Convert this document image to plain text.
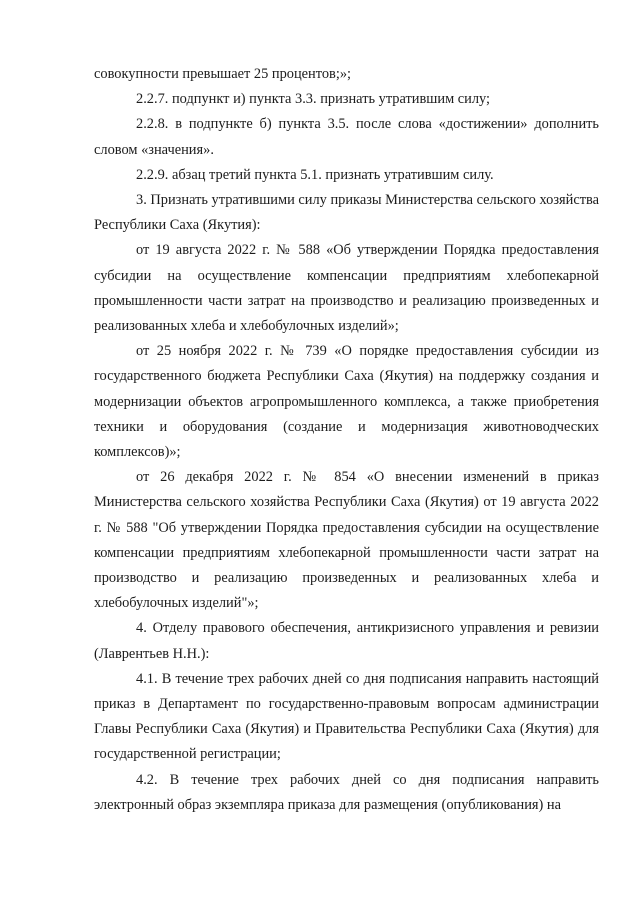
совокупности превышает 25 процентов;»;

2.2.7. подпункт и) пункта 3.3. признать утратившим силу;

2.2.8. в подпункте б) пункта 3.5. после слова «достижении» дополнить словом «значения».

2.2.9. абзац третий пункта 5.1. признать утратившим силу.

3. Признать утратившими силу приказы Министерства сельского хозяйства Республики Саха (Якутия):

от 19 августа 2022 г. № 588 «Об утверждении Порядка предоставления субсидии на осуществление компенсации предприятиям хлебопекарной промышленности части затрат на производство и реализацию произведенных и реализованных хлеба и хлебобулочных изделий»;

от 25 ноября 2022 г. № 739 «О порядке предоставления субсидии из государственного бюджета Республики Саха (Якутия) на поддержку создания и модернизации объектов агропромышленного комплекса, а также приобретения техники и оборудования (создание и модернизация животноводческих комплексов)»;

от 26 декабря 2022 г. № 854 «О внесении изменений в приказ Министерства сельского хозяйства Республики Саха (Якутия) от 19 августа 2022 г. № 588 "Об утверждении Порядка предоставления субсидии на осуществление компенсации предприятиям хлебопекарной промышленности части затрат на производство и реализацию произведенных и реализованных хлеба и хлебобулочных изделий"»;

4. Отделу правового обеспечения, антикризисного управления и ревизии (Лаврентьев Н.Н.):

4.1. В течение трех рабочих дней со дня подписания направить настоящий приказ в Департамент по государственно-правовым вопросам администрации Главы Республики Саха (Якутия) и Правительства Республики Саха (Якутия) для государственной регистрации;

4.2. В течение трех рабочих дней со дня подписания направить электронный образ экземпляра приказа для размещения (опубликования) на
